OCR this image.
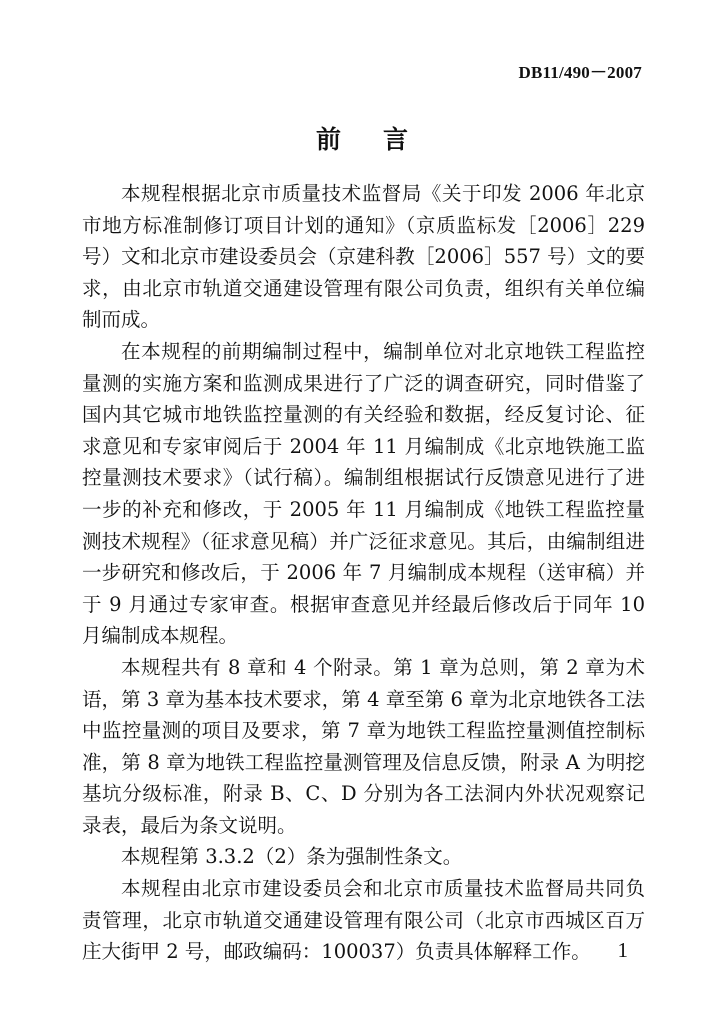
DB11/490－2007
前言

本规程根据北京市质量技术监督局《关于印发 2006 年北京市地方标准制修订项目计划的通知》（京质监标发［2006］229 号）文和北京市建设委员会（京建科教［2006］557 号）文的要求，由北京市轨道交通建设管理有限公司负责，组织有关单位编制而成。

在本规程的前期编制过程中，编制单位对北京地铁工程监控量测的实施方案和监测成果进行了广泛的调查研究，同时借鉴了国内其它城市地铁监控量测的有关经验和数据，经反复讨论、征求意见和专家审阅后于 2004 年 11 月编制成《北京地铁施工监控量测技术要求》（试行稿）。编制组根据试行反馈意见进行了进一步的补充和修改，于 2005 年 11 月编制成《地铁工程监控量测技术规程》（征求意见稿）并广泛征求意见。其后，由编制组进一步研究和修改后，于 2006 年 7 月编制成本规程（送审稿）并于 9 月通过专家审查。根据审查意见并经最后修改后于同年 10 月编制成本规程。

本规程共有 8 章和 4 个附录。第 1 章为总则，第 2 章为术语，第 3 章为基本技术要求，第 4 章至第 6 章为北京地铁各工法中监控量测的项目及要求，第 7 章为地铁工程监控量测值控制标准，第 8 章为地铁工程监控量测管理及信息反馈，附录 A 为明挖基坑分级标准，附录 B、C、D 分别为各工法洞内外状况观察记录表，最后为条文说明。

本规程第 3.3.2（2）条为强制性条文。

本规程由北京市建设委员会和北京市质量技术监督局共同负责管理，北京市轨道交通建设管理有限公司（北京市西城区百万庄大街甲 2 号，邮政编码：100037）负责具体解释工作。	1
